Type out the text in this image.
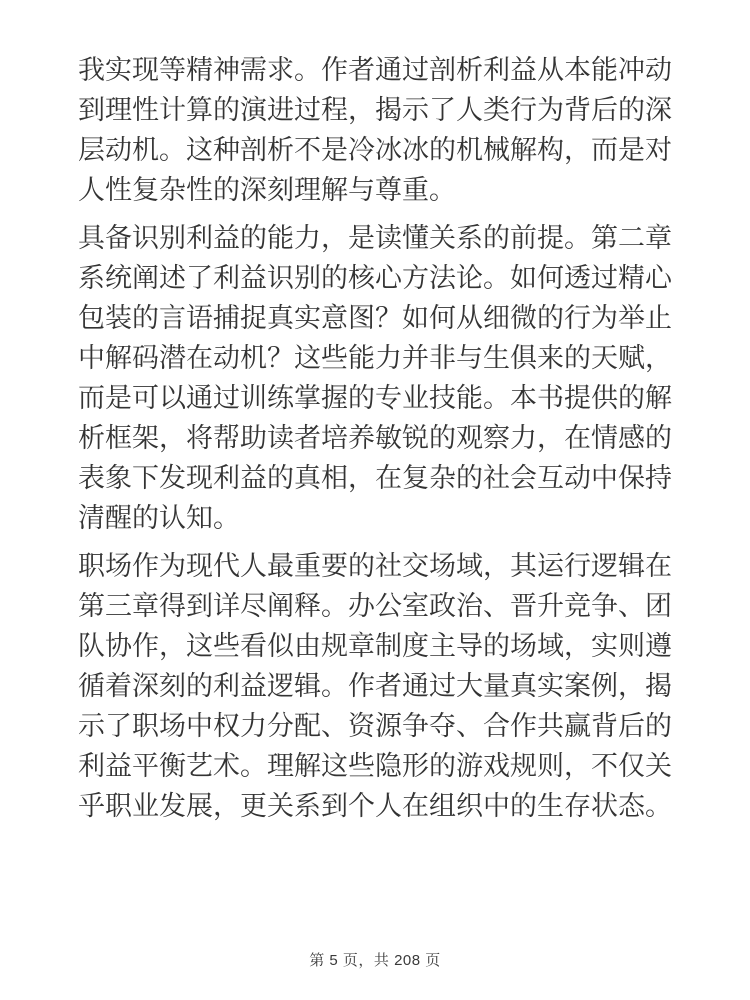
我实现等精神需求。作者通过剖析利益从本能冲动到理性计算的演进过程，揭示了人类行为背后的深层动机。这种剖析不是冷冰冰的机械解构，而是对人性复杂性的深刻理解与尊重。

具备识别利益的能力，是读懂关系的前提。第二章系统阐述了利益识别的核心方法论。如何透过精心包装的言语捕捉真实意图？如何从细微的行为举止中解码潜在动机？这些能力并非与生俱来的天赋，而是可以通过训练掌握的专业技能。本书提供的解析框架，将帮助读者培养敏锐的观察力，在情感的表象下发现利益的真相，在复杂的社会互动中保持清醒的认知。

职场作为现代人最重要的社交场域，其运行逻辑在第三章得到详尽阐释。办公室政治、晋升竞争、团队协作，这些看似由规章制度主导的场域，实则遵循着深刻的利益逻辑。作者通过大量真实案例，揭示了职场中权力分配、资源争夺、合作共赢背后的利益平衡艺术。理解这些隐形的游戏规则，不仅关乎职业发展，更关系到个人在组织中的生存状态。

第 5 页，共 208 页
